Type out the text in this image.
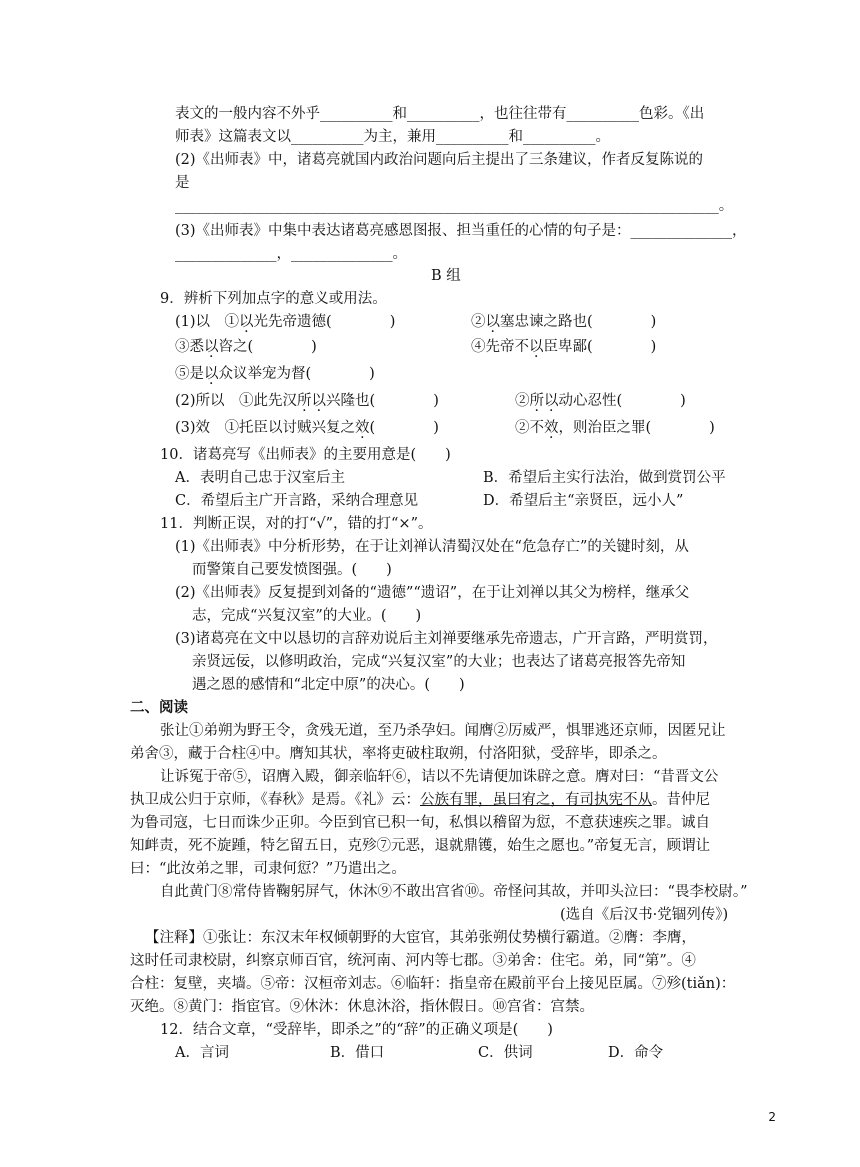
表文的一般内容不外乎__________和__________，也往往带有__________色彩。《出
师表》这篇表文以__________为主，兼用__________和__________。
(2)《出师表》中，诸葛亮就国内政治问题向后主提出了三条建议，作者反复陈说的
是
___________________________________________________________________________。
(3)《出师表》中集中表达诸葛亮感恩图报、担当重任的心情的句子是：______________，
______________，______________。
B 组
9．辨析下列加点字的意义或用法。
(1)以　①以光先帝遗德(　　　　)	②以塞忠谏之路也(　　　　)
③悉以咨之(　　　　)	④先帝不以臣卑鄙(　　　　)
⑤是以众议举宠为督(　　　　)
(2)所以　①此先汉所以兴隆也(　　　　)	②所以动心忍性(　　　　)
(3)效　①托臣以讨贼兴复之效(　　　　)	②不效，则治臣之罪(　　　　)
10．诸葛亮写《出师表》的主要用意是(　　)
A．表明自己忠于汉室后主	B．希望后主实行法治，做到赏罚公平
C．希望后主广开言路，采纳合理意见	D．希望后主“亲贤臣，远小人”
11．判断正误，对的打“√”，错的打“×”。
(1)《出师表》中分析形势，在于让刘禅认清蜀汉处在“危急存亡”的关键时刻，从
而警策自己要发愤图强。(　　)
(2)《出师表》反复提到刘备的“遗德”“遗诏”，在于让刘禅以其父为榜样，继承父
志，完成“兴复汉室”的大业。(　　)
(3)诸葛亮在文中以恳切的言辞劝说后主刘禅要继承先帝遗志，广开言路，严明赏罚，
亲贤远佞，以修明政治，完成“兴复汉室”的大业；也表达了诸葛亮报答先帝知
遇之恩的感情和“北定中原”的决心。(　　)
二、阅读
张让①弟朔为野王令，贪残无道，至乃杀孕妇。闻膺②厉威严，惧罪逃还京师，因匿兄让
弟舍③，藏于合柱④中。膺知其状，率将吏破柱取朔，付洛阳狱，受辞毕，即杀之。
让诉冤于帝⑤，诏膺入殿，御亲临轩⑥，诘以不先请便加诛辟之意。膺对曰：“昔晋文公
执卫成公归于京师，《春秋》是焉。《礼》云：公族有罪，虽曰宥之，有司执宪不从。昔仲尼
为鲁司寇，七日而诛少正卯。今臣到官已积一旬，私惧以稽留为愆，不意获速疾之罪。诚自
知衅责，死不旋踵，特乞留五日，克殄⑦元恶，退就鼎镬，始生之愿也。”帝复无言，顾谓让
曰：“此汝弟之罪，司隶何愆？”乃遣出之。
自此黄门⑧常侍皆鞠躬屏气，休沐⑨不敢出宫省⑩。帝怪问其故，并叩头泣曰：“畏李校尉。”
(选自《后汉书·党锢列传》)
【注释】①张让：东汉末年权倾朝野的大宦官，其弟张朔仗势横行霸道。②膺：李膺，
这时任司隶校尉，纠察京师百官，统河南、河内等七郡。③弟舍：住宅。弟，同“第”。④
合柱：复壁，夹墙。⑤帝：汉桓帝刘志。⑥临轩：指皇帝在殿前平台上接见臣属。⑦殄(tiǎn)：
灭绝。⑧黄门：指宦官。⑨休沐：休息沐浴，指休假日。⑩宫省：宫禁。
12．结合文章，“受辞毕，即杀之”的“辞”的正确义项是(　　)
A．言词	B．借口	C．供词	D．命令
2
